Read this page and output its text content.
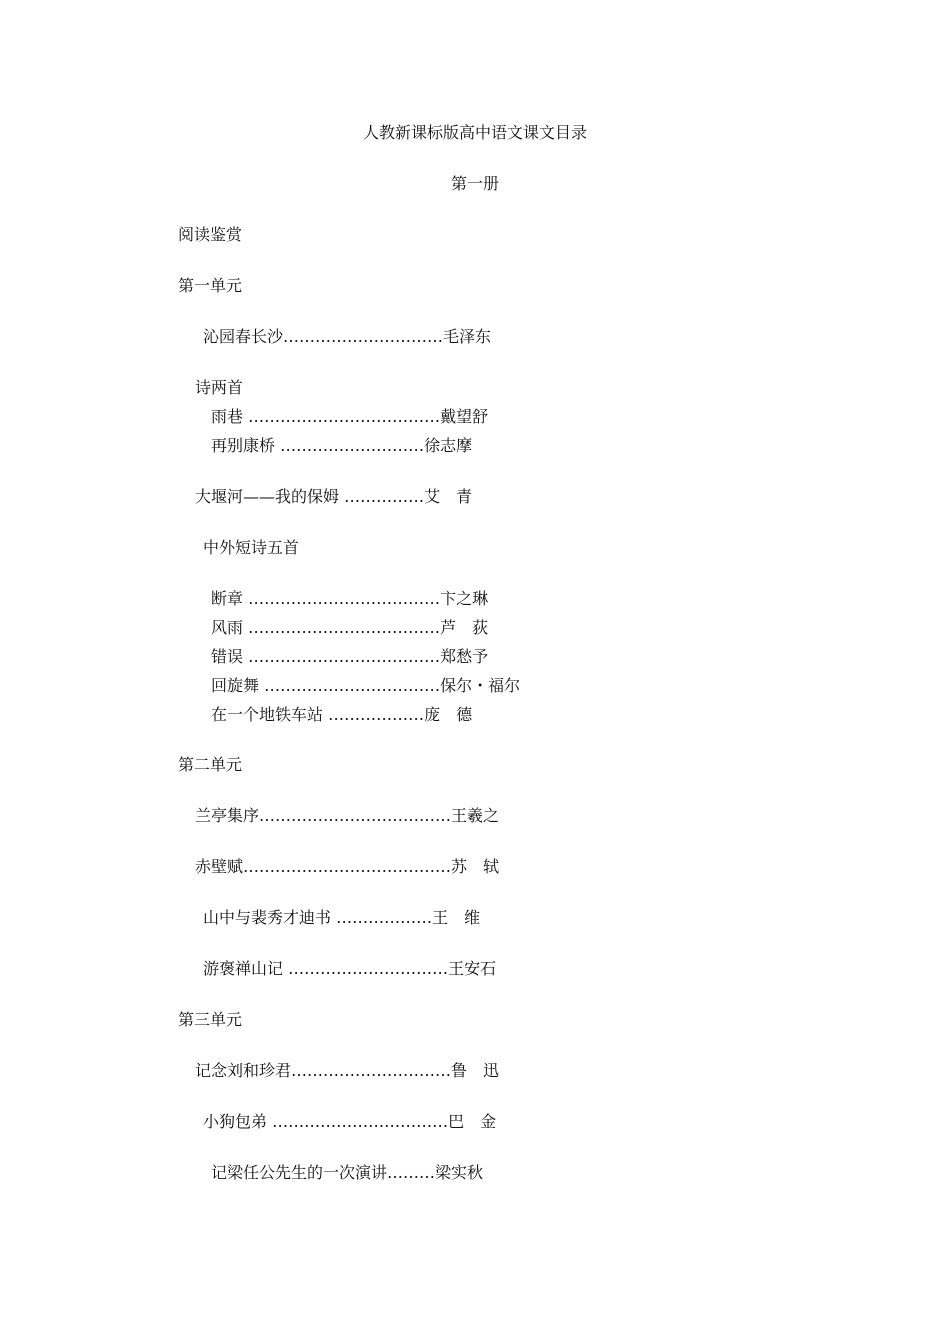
人教新课标版高中语文课文目录
第一册
阅读鉴赏
第一单元
沁园春长沙…………………………毛泽东
诗两首
雨巷 ………………………………戴望舒
再别康桥 ………………………徐志摩
大堰河——我的保姆 ……………艾　青
中外短诗五首
断章 ………………………………卞之琳
风雨 ………………………………芦　荻
错误 ………………………………郑愁予
回旋舞 ……………………………保尔・福尔
在一个地铁车站 ………………庞　德
第二单元
兰亭集序………………………………王羲之
赤壁赋…………………………………苏　轼
山中与裴秀才迪书 ………………王　维
游褒禅山记 …………………………王安石
第三单元
记念刘和珍君…………………………鲁　迅
小狗包弟 ……………………………巴　金
记梁任公先生的一次演讲………梁实秋
